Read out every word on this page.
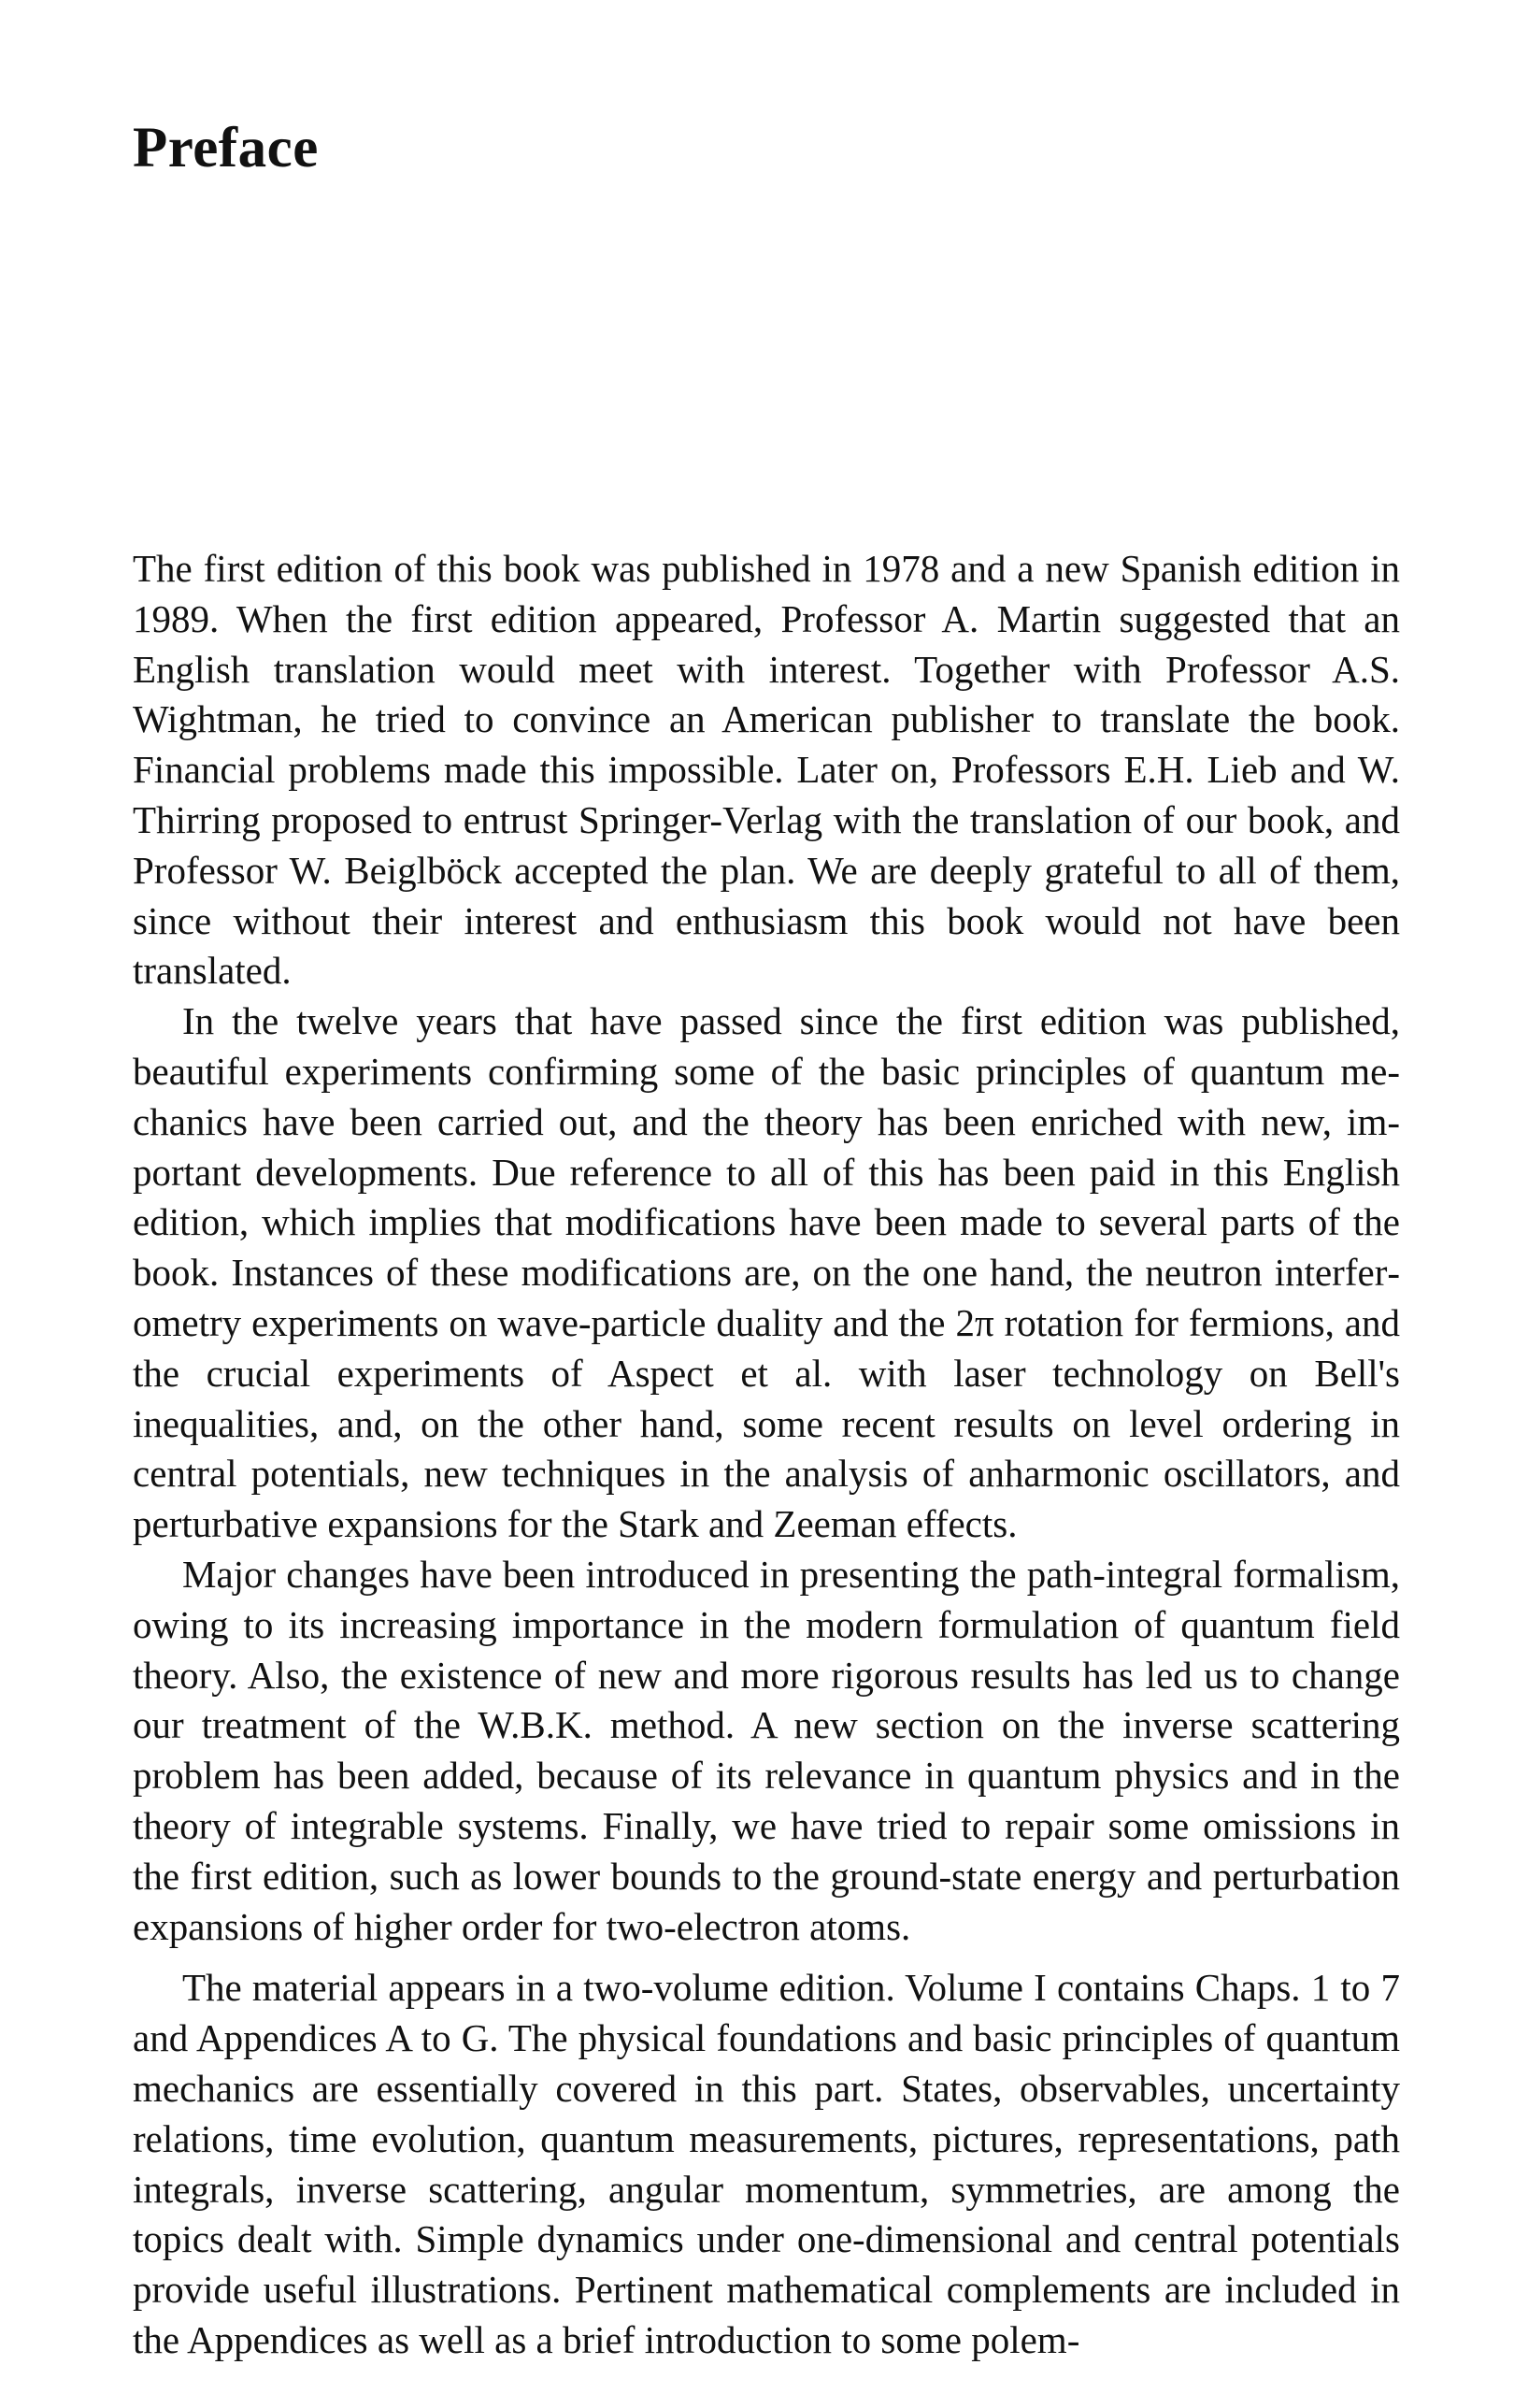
Preface

The first edition of this book was published in 1978 and a new Spanish edition in 1989. When the first edition appeared, Professor A. Martin suggested that an English translation would meet with interest. Together with Professor A.S. Wightman, he tried to convince an American publisher to translate the book. Financial problems made this impossible. Later on, Professors E.H. Lieb and W. Thirring proposed to entrust Springer-Verlag with the translation of our book, and Professor W. Beiglböck accepted the plan. We are deeply grateful to all of them, since without their interest and enthusiasm this book would not have been translated.

In the twelve years that have passed since the first edition was published, beautiful experiments confirming some of the basic principles of quantum mechanics have been carried out, and the theory has been enriched with new, important developments. Due reference to all of this has been paid in this English edition, which implies that modifications have been made to several parts of the book. Instances of these modifications are, on the one hand, the neutron interferometry experiments on wave-particle duality and the 2π rotation for fermions, and the crucial experiments of Aspect et al. with laser technology on Bell's inequalities, and, on the other hand, some recent results on level ordering in central potentials, new techniques in the analysis of anharmonic oscillators, and perturbative expansions for the Stark and Zeeman effects.

Major changes have been introduced in presenting the path-integral formalism, owing to its increasing importance in the modern formulation of quantum field theory. Also, the existence of new and more rigorous results has led us to change our treatment of the W.B.K. method. A new section on the inverse scattering problem has been added, because of its relevance in quantum physics and in the theory of integrable systems. Finally, we have tried to repair some omissions in the first edition, such as lower bounds to the ground-state energy and perturbation expansions of higher order for two-electron atoms.

The material appears in a two-volume edition. Volume I contains Chaps. 1 to 7 and Appendices A to G. The physical foundations and basic principles of quantum mechanics are essentially covered in this part. States, observables, uncertainty relations, time evolution, quantum measurements, pictures, representations, path integrals, inverse scattering, angular momentum, symmetries, are among the topics dealt with. Simple dynamics under one-dimensional and central potentials provide useful illustrations. Pertinent mathematical complements are included in the Appendices as well as a brief introduction to some polem-
